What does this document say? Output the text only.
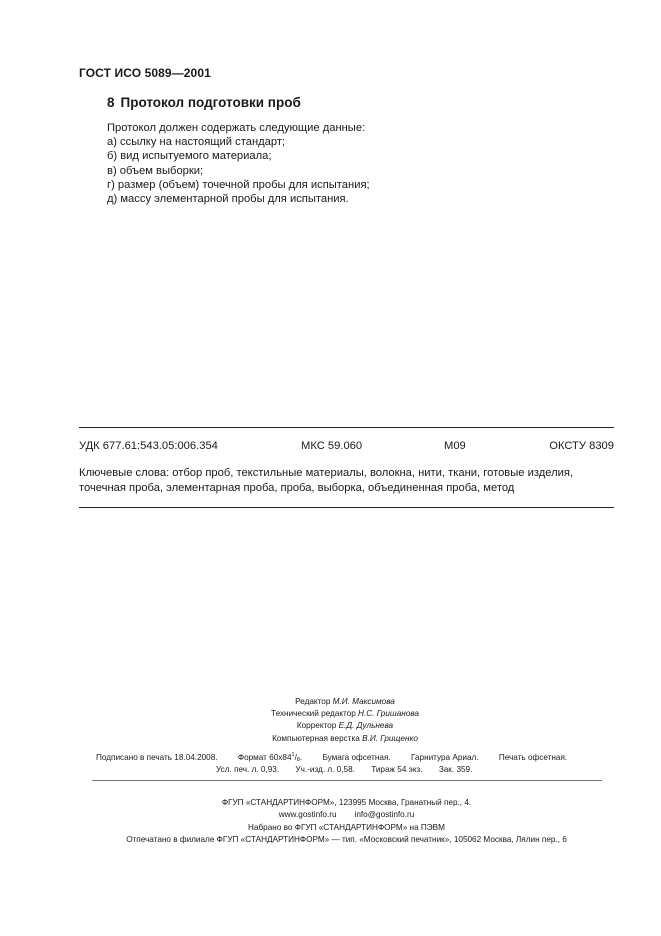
ГОСТ ИСО 5089—2001
8 Протокол подготовки проб
Протокол должен содержать следующие данные:
а) ссылку на настоящий стандарт;
б) вид испытуемого материала;
в) объем выборки;
г) размер (объем) точечной пробы для испытания;
д) массу элементарной пробы для испытания.
УДК 677.61:543.05:006.354	МКС 59.060	М09	ОКСТУ 8309
Ключевые слова: отбор проб, текстильные материалы, волокна, нити, ткани, готовые изделия, точечная проба, элементарная проба, проба, выборка, объединенная проба, метод
Редактор М.И. Максимова
Технический редактор Н.С. Гришанова
Корректор Е.Д. Дульнева
Компьютерная верстка В.И. Грищенко
Подписано в печать 18.04.2008. Формат $60x84^1/_8$. Бумага офсетная. Гарнитура Ариал. Печать офсетная.
Усл. печ. л. 0,93. Уч.-изд. л. 0,58. Тираж 54 экз. Зак. 359.
ФГУП «СТАНДАРТИНФОРМ», 123995 Москва, Гранатный пер., 4.
www.gostinfo.ru info@gostinfo.ru
Набрано во ФГУП «СТАНДАРТИНФОРМ» на ПЭВМ
Отпечатано в филиале ФГУП «СТАНДАРТИНФОРМ» — тип. «Московский печатник», 105062 Москва, Лялин пер., 6
